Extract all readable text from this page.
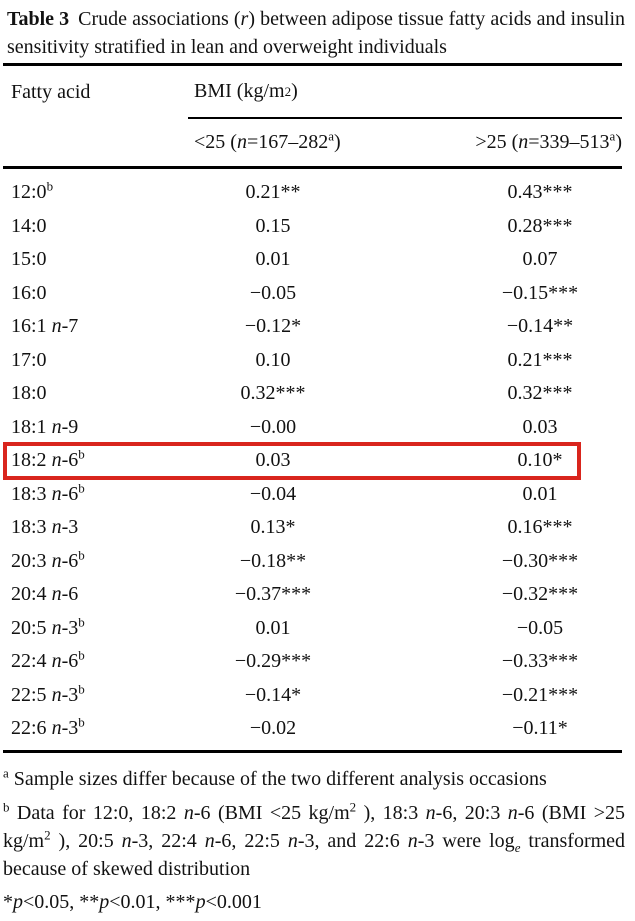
Table 3 Crude associations (r) between adipose tissue fatty acids and insulin sensitivity stratified in lean and overweight individuals
Fatty acid	BMI (kg/m 2 )
<25 $(n=167-282^a)$	>25 $(n=339-513^a)$
12:0$^b$	0.21**	0.43***
14:0	0.15	0.28***
15:0	0.01	0.07
16:0	−0.05	−0.15***
16:1 n-7	−0.12*	−0.14**
17:0	0.10	0.21***
18:0	0.32***	0.32***
18:1 n-9	−0.00	0.03
18:2 n-6$^b$	0.03	0.10*
18:3 $n-6^b$	−0.04	0.01
18:3 n-3	0.13*	0.16***
20:3 $n-6^b$	−0.18**	−0.30***
20:4 n-6	−0.37***	−0.32***
20:5 n-3$^b$	0.01	−0.05
22:4 $n-6^b$	−0.29***	−0.33***
22:5 $n-3^b$	−0.14*	−0.21***
22:6 $n-3^b$	−0.02	−0.11*
$^a$ Sample sizes differ because of the two different analysis occasions
$^b$ Data for 12:0, 18:2 n-6 (BMI <25 $kg/m^2$ ), 18:3 n-6, 20:3 n-6 (BMI >25 $kg/m^2$ ), 20:5 n-3, 22:4 n-6, 22:5 n-3, and 22:6 n-3 were $\log_e$ transformed because of skewed distribution
*p<0.05, **p<0.01, ***p<0.001
